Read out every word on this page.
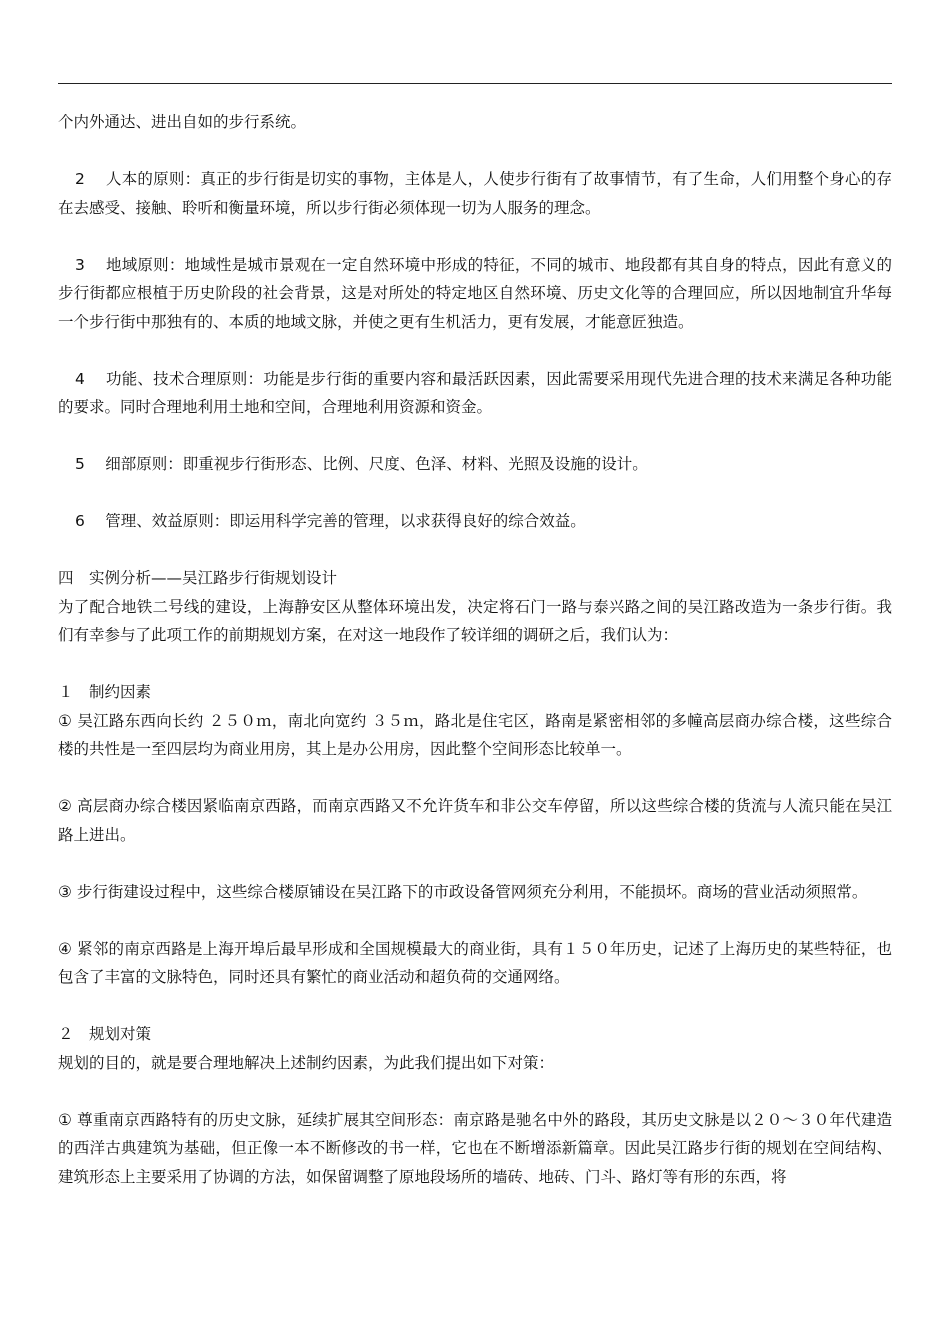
个内外通达、进出自如的步行系统。

2　 人本的原则：真正的步行街是切实的事物，主体是人，人使步行街有了故事情节，有了生命，人们用整个身心的存在去感受、接触、聆听和衡量环境，所以步行街必须体现一切为人服务的理念。

3　 地域原则：地域性是城市景观在一定自然环境中形成的特征，不同的城市、地段都有其自身的特点，因此有意义的步行街都应根植于历史阶段的社会背景，这是对所处的特定地区自然环境、历史文化等的合理回应，所以因地制宜升华每一个步行街中那独有的、本质的地域文脉，并使之更有生机活力，更有发展，才能意匠独造。

4　 功能、技术合理原则：功能是步行街的重要内容和最活跃因素，因此需要采用现代先进合理的技术来满足各种功能的要求。同时合理地利用土地和空间，合理地利用资源和资金。

5　 细部原则：即重视步行街形态、比例、尺度、色泽、材料、光照及设施的设计。

6　 管理、效益原则：即运用科学完善的管理，以求获得良好的综合效益。

四　实例分析——吴江路步行街规划设计

为了配合地铁二号线的建设，上海静安区从整体环境出发，决定将石门一路与泰兴路之间的吴江路改造为一条步行街。我们有幸参与了此项工作的前期规划方案，在对这一地段作了较详细的调研之后，我们认为：

１　制约因素

① 吴江路东西向长约 ２５０ｍ，南北向宽约 ３５ｍ，路北是住宅区，路南是紧密相邻的多幢高层商办综合楼，这些综合楼的共性是一至四层均为商业用房，其上是办公用房，因此整个空间形态比较单一。

② 高层商办综合楼因紧临南京西路，而南京西路又不允许货车和非公交车停留，所以这些综合楼的货流与人流只能在吴江路上进出。

③ 步行街建设过程中，这些综合楼原铺设在吴江路下的市政设备管网须充分利用，不能损坏。商场的营业活动须照常。

④ 紧邻的南京西路是上海开埠后最早形成和全国规模最大的商业街，具有１５０年历史，记述了上海历史的某些特征，也包含了丰富的文脉特色，同时还具有繁忙的商业活动和超负荷的交通网络。

２　规划对策

规划的目的，就是要合理地解决上述制约因素，为此我们提出如下对策：

① 尊重南京西路特有的历史文脉，延续扩展其空间形态：南京路是驰名中外的路段，其历史文脉是以２０～３０年代建造的西洋古典建筑为基础，但正像一本不断修改的书一样，它也在不断增添新篇章。因此吴江路步行街的规划在空间结构、建筑形态上主要采用了协调的方法，如保留调整了原地段场所的墙砖、地砖、门斗、路灯等有形的东西，将
